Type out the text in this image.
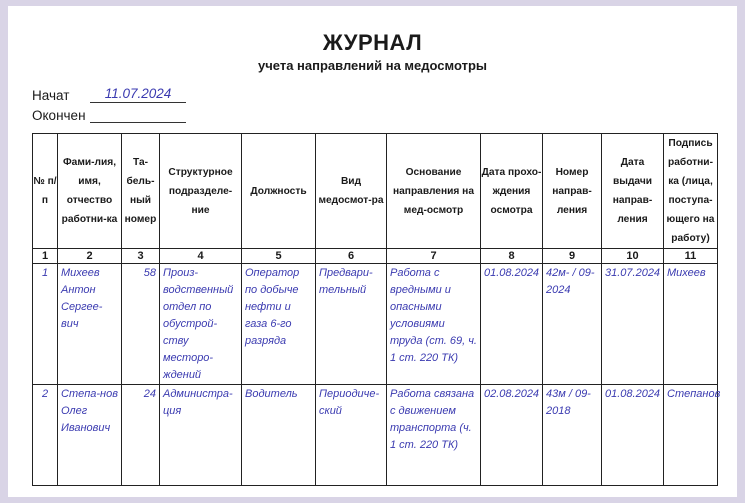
ЖУРНАЛ
учета направлений на медосмотры
Начат	11.07.2024
Окончен
№ п/п	Фами-лия, имя, отчество работни-ка	Та-бель-ный номер	Структурное подразделе-ние	Должность	Вид медосмот-ра	Основание направления на мед-осмотр	Дата прохо-ждения осмотра	Номер направ-ления	Дата выдачи направ-ления	Подпись работни-ка (лица, поступа-ющего на работу)
1	2	3	4	5	6	7	8	9	10	11
1	Михеев Антон Сергее-вич	58	Произ-водственный отдел по обустрой-ству месторо-ждений	Оператор по добыче нефти и газа 6-го разряда	Предвари-тельный	Работа с вредными и опасными условиями труда (ст. 69, ч. 1 ст. 220 ТК)	01.08.2024	42м- / 09-2024	31.07.2024	Михеев
2	Степа-нов Олег Иванович	24	Администра-ция	Водитель	Периодиче-ский	Работа связана с движением транспорта (ч. 1 ст. 220 ТК)	02.08.2024	43м / 09-2018	01.08.2024	Степанов
